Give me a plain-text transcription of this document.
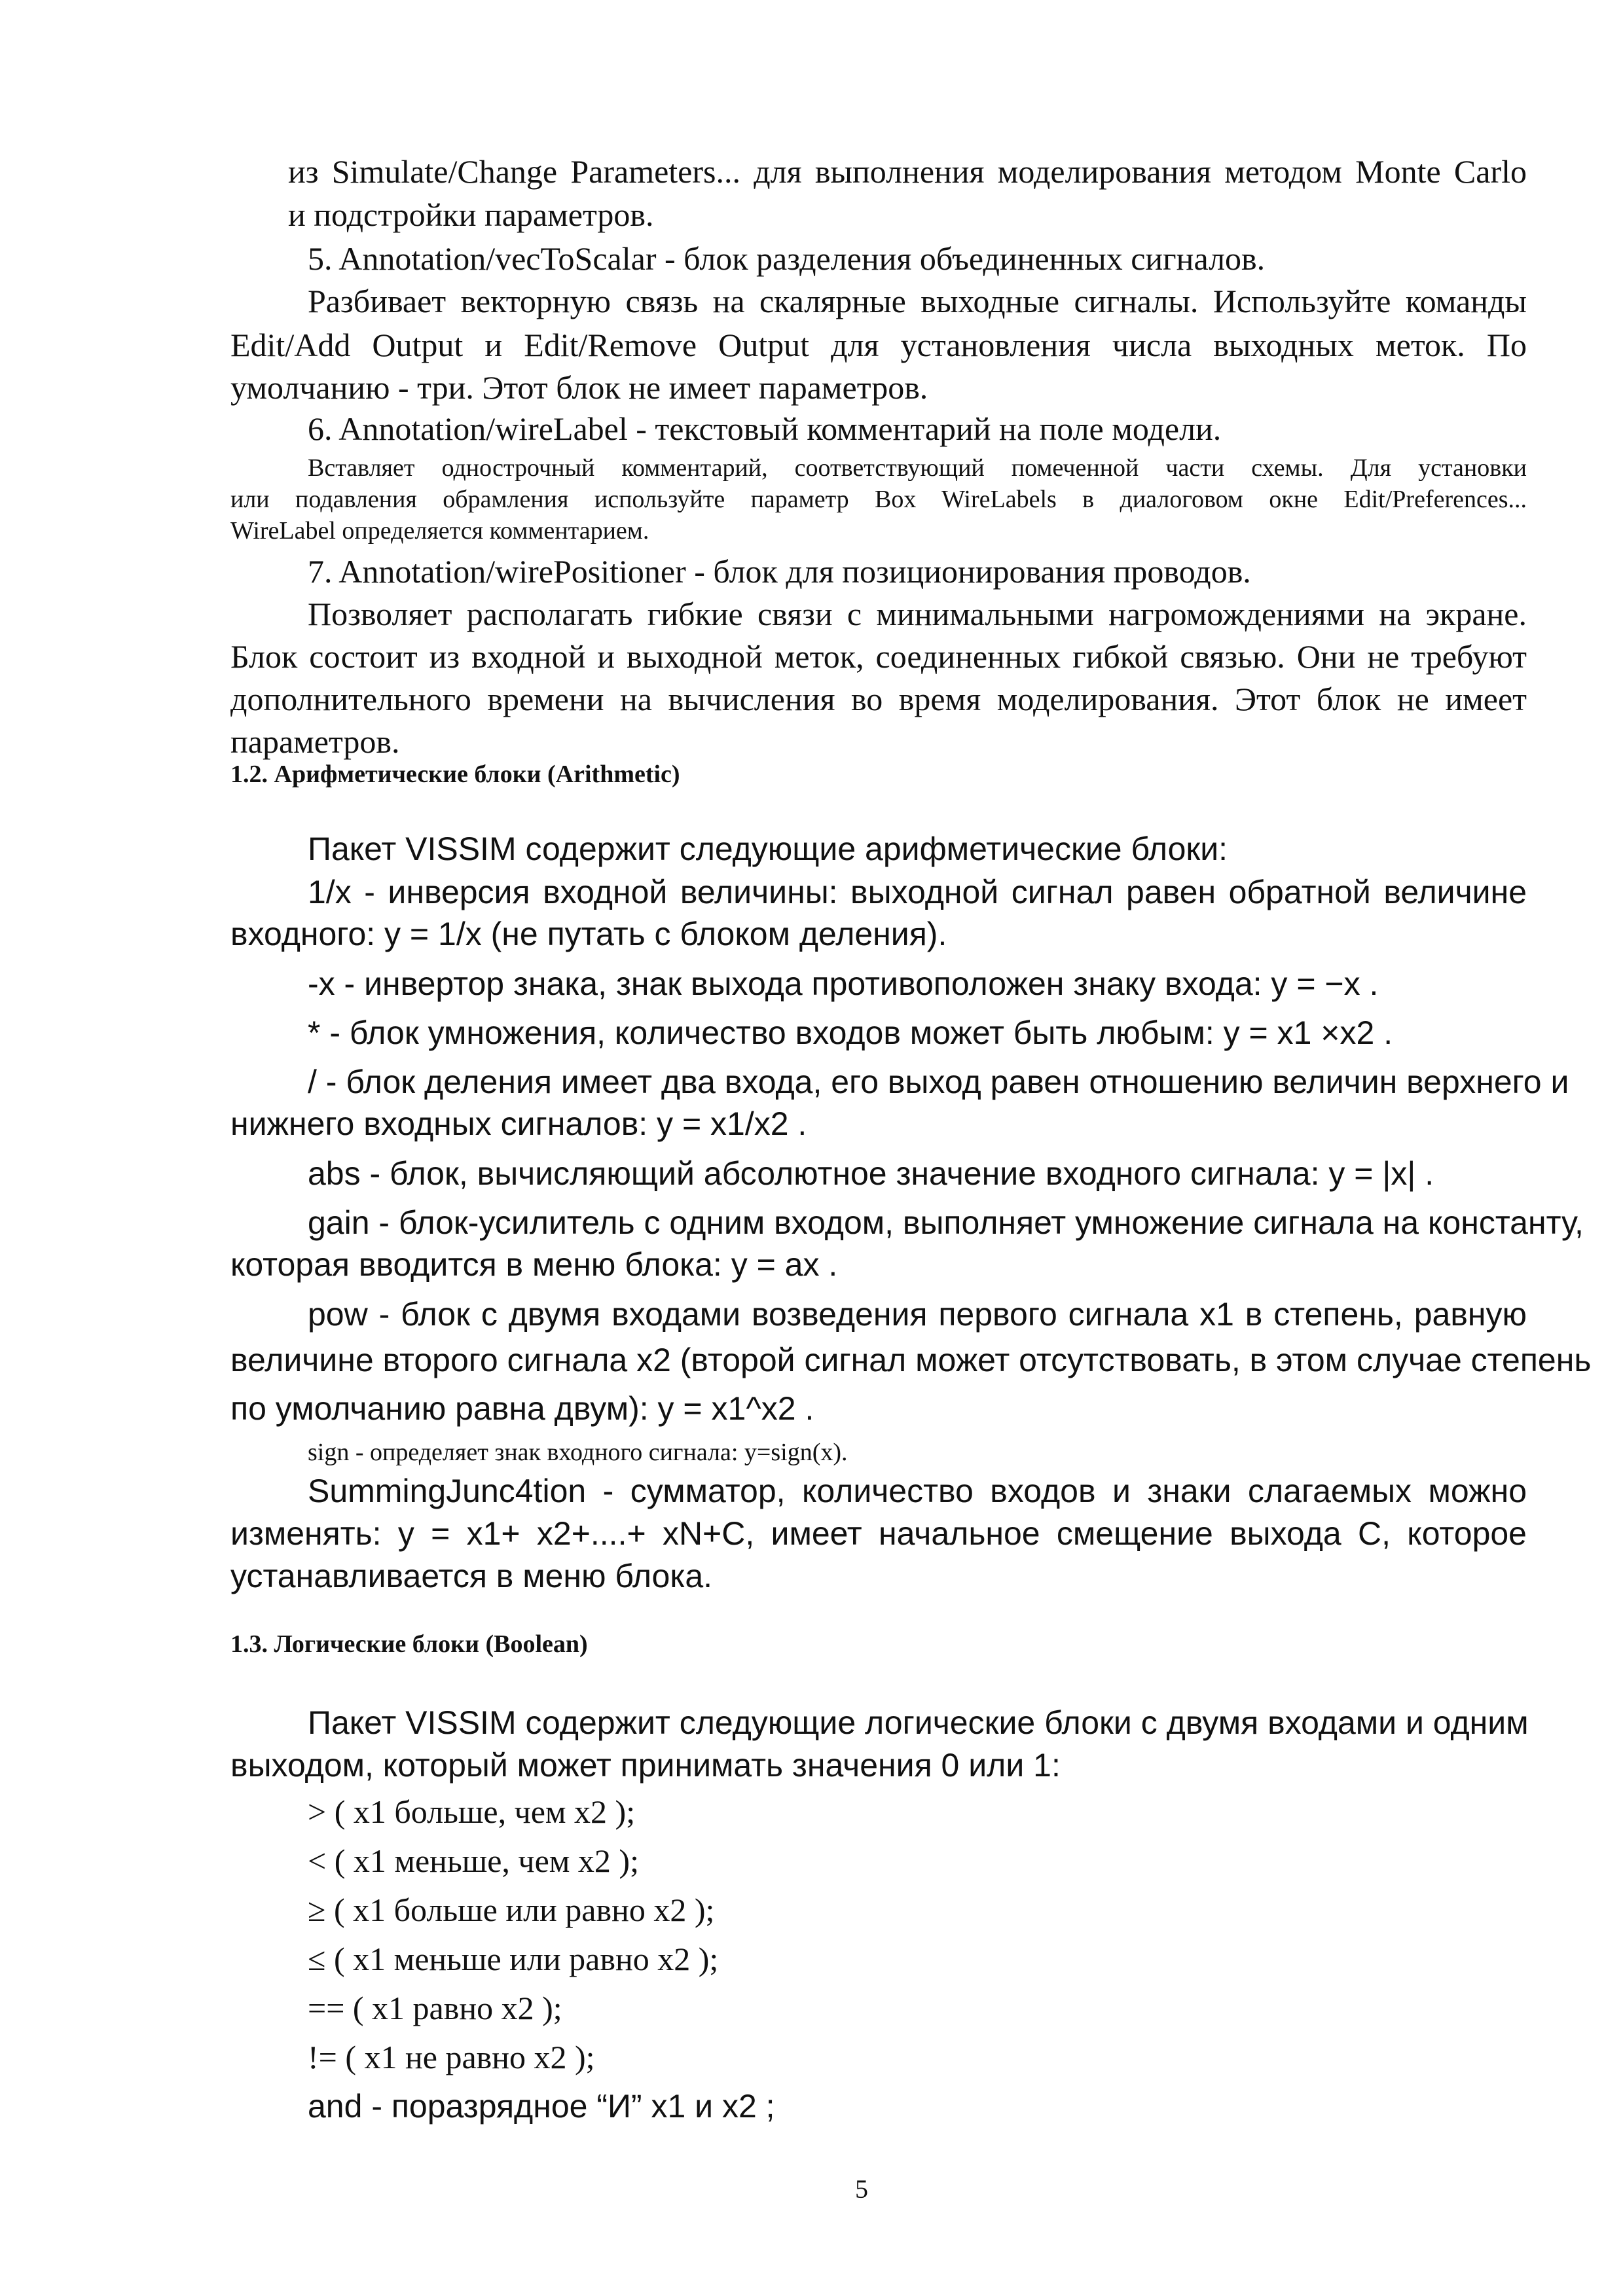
из Simulate/Change Parameters... для выполнения моделирования методом Monte Carlo
и подстройки параметров.
5. Annotation/vecToScalar - блок разделения объединенных сигналов.
Разбивает векторную связь на скалярные выходные сигналы. Используйте команды
Edit/Add Output и Edit/Remove Output для установления числа выходных меток. По
умолчанию - три. Этот блок не имеет параметров.
6. Annotation/wireLabel - текстовый комментарий на поле модели.
Вставляет однострочный комментарий, соответствующий помеченной части схемы. Для установки
или подавления обрамления используйте параметр Box WireLabels в диалоговом окне Edit/Preferences...
WireLabel определяется комментарием.
7. Annotation/wirePositioner - блок для позиционирования проводов.
Позволяет располагать гибкие связи с минимальными нагромождениями на экране.
Блок состоит из входной и выходной меток, соединенных гибкой связью. Они не требуют
дополнительного времени на вычисления во время моделирования. Этот блок не имеет
параметров.
1.2. Арифметические блоки (Arithmetic)
Пакет VISSIM содержит следующие арифметические блоки:
1/x - инверсия входной величины: выходной сигнал равен обратной величине
входного: y = 1/x (не путать с блоком деления).
-x - инвертор знака, знак выхода противоположен знаку входа: y = −x .
* - блок умножения, количество входов может быть любым: y = x1 ×x2 .
/ - блок деления имеет два входа, его выход равен отношению величин верхнего и
нижнего входных сигналов: y = x1/x2 .
abs - блок, вычисляющий абсолютное значение входного сигнала: y = |x| .
gain - блок-усилитель с одним входом, выполняет умножение сигнала на константу,
которая вводится в меню блока: y = ax .
pow - блок с двумя входами возведения первого сигнала x1 в степень, равную
величине второго сигнала x2 (второй сигнал может отсутствовать, в этом случае степень
по умолчанию равна двум): y = x1^x2 .
sign - определяет знак входного сигнала: y=sign(x).
SummingJunc4tion - сумматор, количество входов и знаки слагаемых можно
изменять: y = x1+ x2+....+ xN+C, имеет начальное смещение выхода C, которое
устанавливается в меню блока.
1.3. Логические блоки (Boolean)
Пакет VISSIM содержит следующие логические блоки с двумя входами и одним
выходом, который может принимать значения 0 или 1:
> ( x1 больше, чем x2 );
< ( x1 меньше, чем x2 );
≥ ( x1 больше или равно x2 );
≤ ( x1 меньше или равно x2 );
== ( x1 равно x2 );
!= ( x1 не равно x2 );
and - поразрядное “И” x1 и x2 ;
5
